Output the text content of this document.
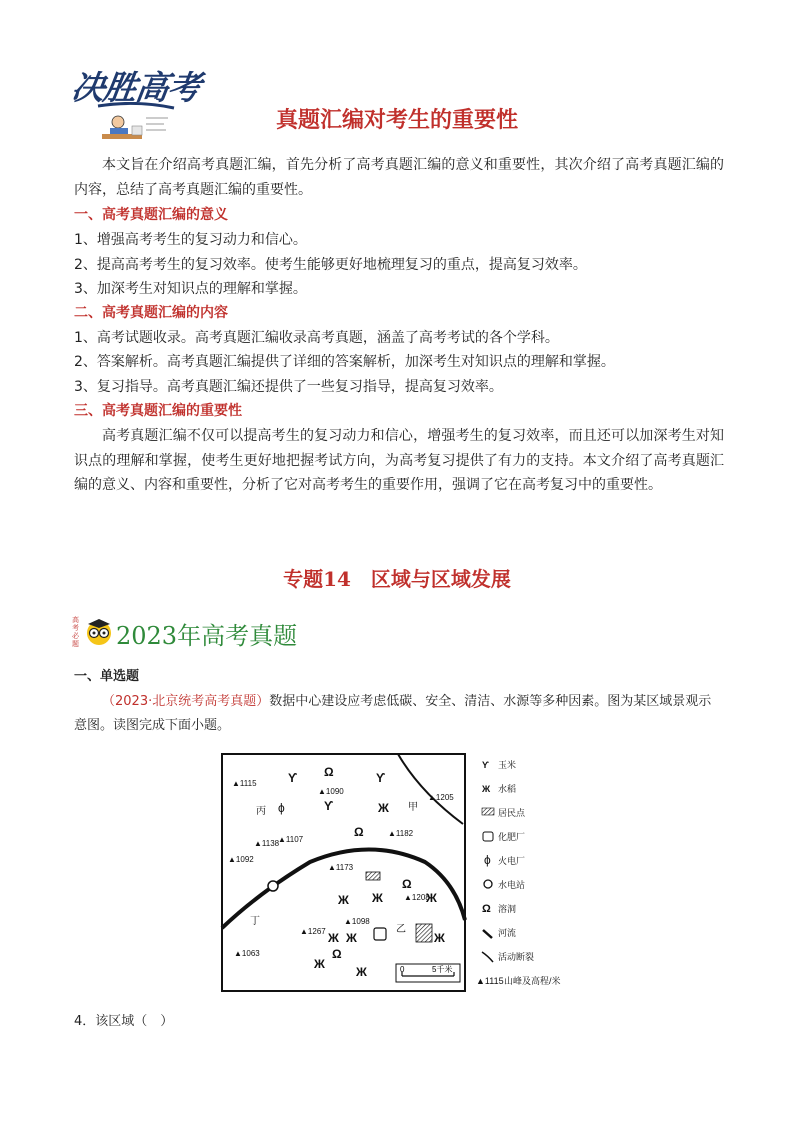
决胜高考
真题汇编对考生的重要性
本文旨在介绍高考真题汇编，首先分析了高考真题汇编的意义和重要性，其次介绍了高考真题汇编的内容，总结了高考真题汇编的重要性。
一、高考真题汇编的意义
1、增强高考考生的复习动力和信心。
2、提高高考考生的复习效率。使考生能够更好地梳理复习的重点，提高复习效率。
3、加深考生对知识点的理解和掌握。
二、高考真题汇编的内容
1、高考试题收录。高考真题汇编收录高考真题，涵盖了高考考试的各个学科。
2、答案解析。高考真题汇编提供了详细的答案解析，加深考生对知识点的理解和掌握。
3、复习指导。高考真题汇编还提供了一些复习指导，提高复习效率。
三、高考真题汇编的重要性
高考真题汇编不仅可以提高考生的复习动力和信心，增强考生的复习效率，而且还可以加深考生对知识点的理解和掌握，使考生更好地把握考试方向，为高考复习提供了有力的支持。本文介绍了高考真题汇编的意义、内容和重要性，分析了它对高考考生的重要作用，强调了它在高考复习中的重要性。
专题14　区域与区域发展
高考必题 2023年高考真题
一、单选题
（2023·北京统考高考真题）数据中心建设应考虑低碳、安全、清洁、水源等多种因素。图为某区域景观示意图。读图完成下面小题。
▲1115
▲1090
▲1205
▲1138
▲1107
▲1182
▲1092
▲1173
▲1208
▲1098
▲1267
▲1063
丙	甲
乙
丁
ϒ Ω	ϒ
ϒ	Ж
Ω
Ω
Ж Ж	Ж
Ж Ж	Ж
Ж
Ω
Ж
ϕ
0	5千米
ϒ 玉米
Ж 水稻
居民点
化肥厂
ϕ 火电厂
水电站
Ω 溶洞
河流
活动断裂
▲1115 山峰及高程/米
4．该区域（　）
